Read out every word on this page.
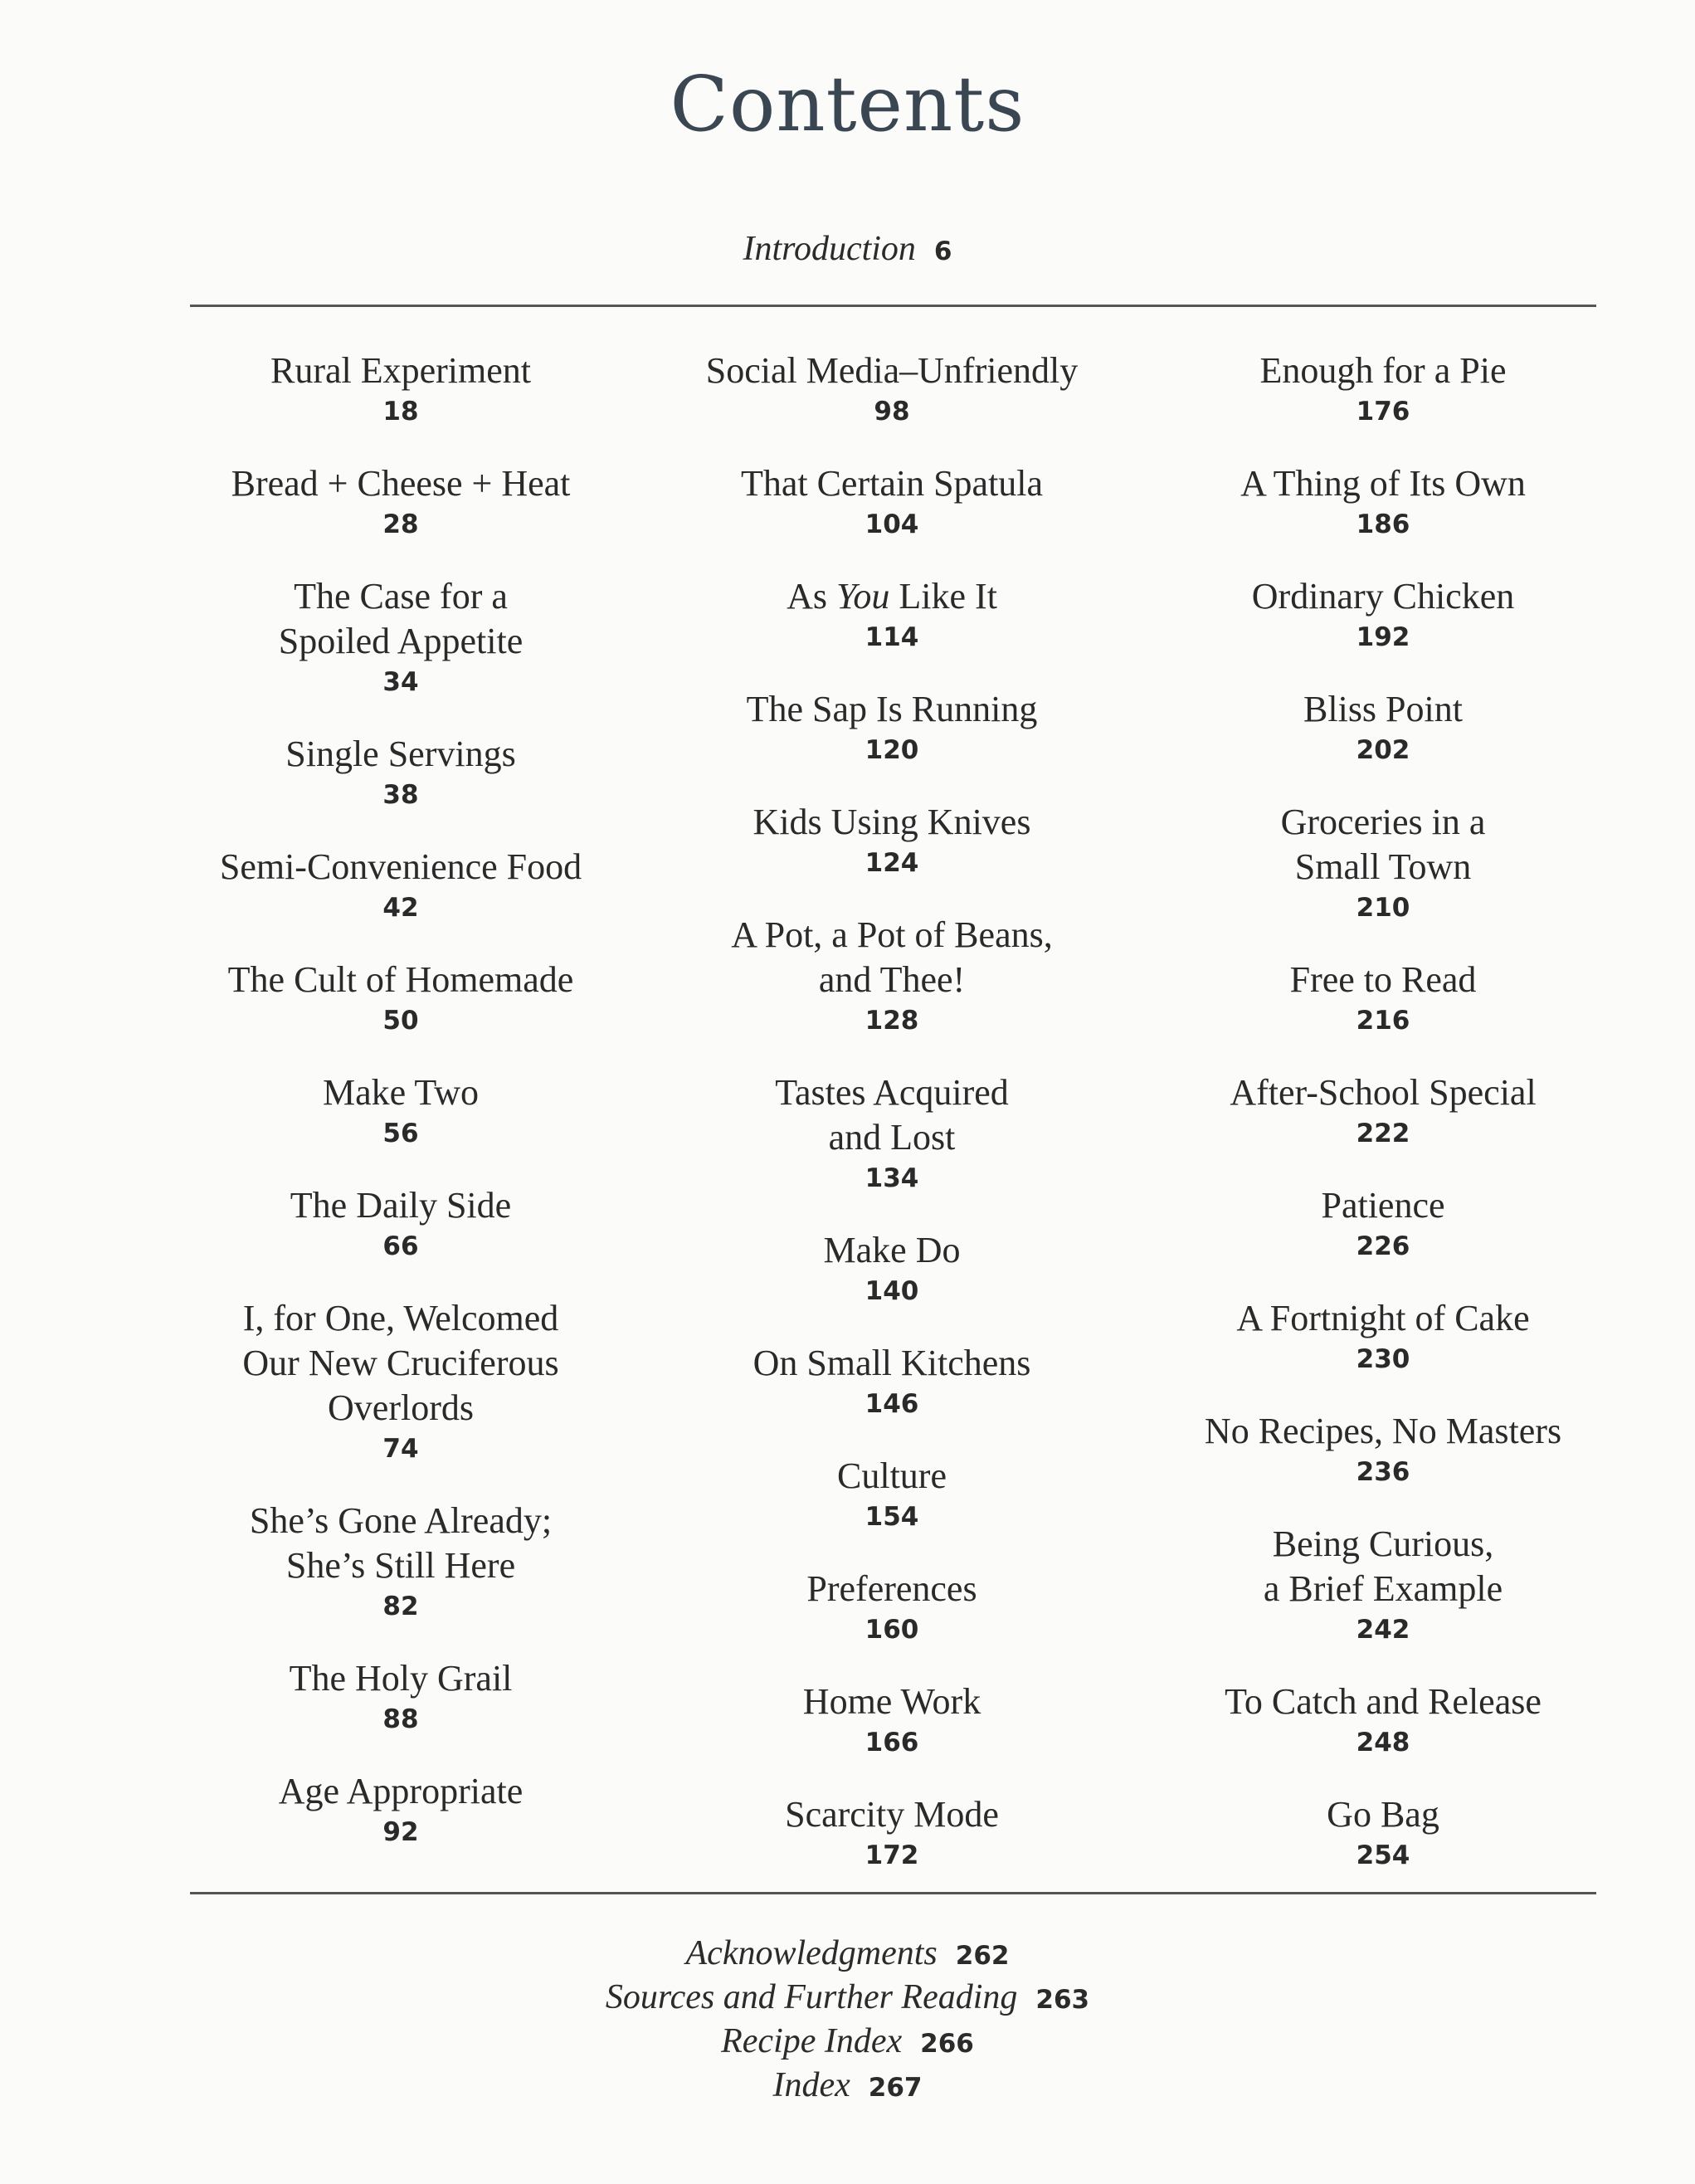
Contents
Introduction 6
Rural Experiment
18
Bread + Cheese + Heat
28
The Case for a
Spoiled Appetite
34
Single Servings
38
Semi-Convenience Food
42
The Cult of Homemade
50
Make Two
56
The Daily Side
66
I, for One, Welcomed
Our New Cruciferous
Overlords
74
She’s Gone Already;
She’s Still Here
82
The Holy Grail
88
Age Appropriate
92
Social Media–Unfriendly
98
That Certain Spatula
104
As You Like It
114
The Sap Is Running
120
Kids Using Knives
124
A Pot, a Pot of Beans,
and Thee!
128
Tastes Acquired
and Lost
134
Make Do
140
On Small Kitchens
146
Culture
154
Preferences
160
Home Work
166
Scarcity Mode
172
Enough for a Pie
176
A Thing of Its Own
186
Ordinary Chicken
192
Bliss Point
202
Groceries in a
Small Town
210
Free to Read
216
After-School Special
222
Patience
226
A Fortnight of Cake
230
No Recipes, No Masters
236
Being Curious,
a Brief Example
242
To Catch and Release
248
Go Bag
254
Acknowledgments 262
Sources and Further Reading 263
Recipe Index 266
Index 267
